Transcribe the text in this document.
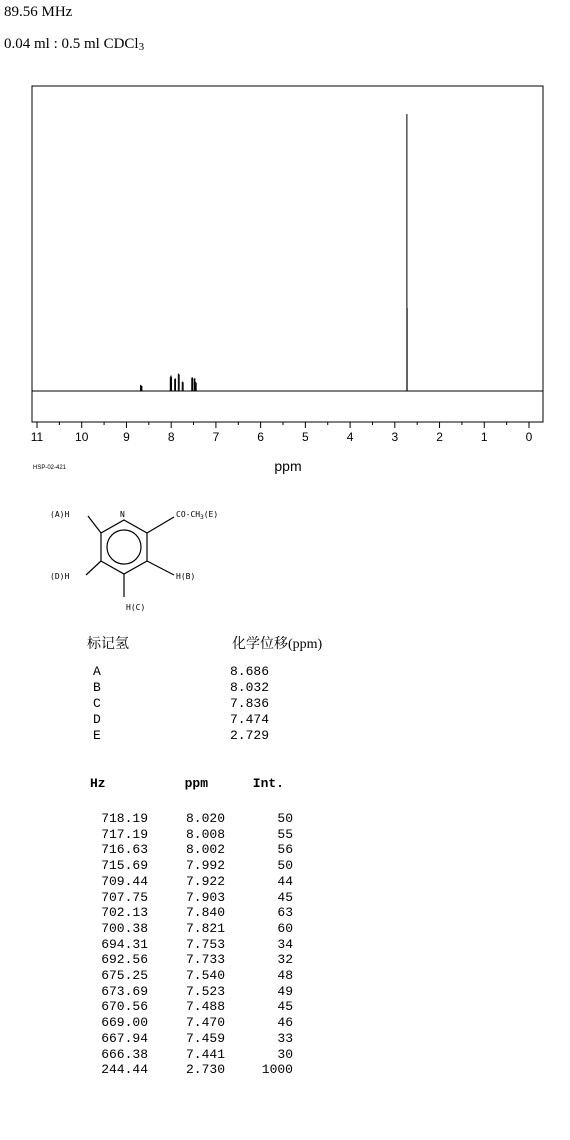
89.56 MHz
0.04 ml : 0.5 ml CDCl$_3$
11	10	9	8	7	6	5	4	3	2	1	0
ppm
HSP-02-421
(A)H	N	$CO-CH_3(E)$
(D)H	H(B)
H(C)
标记氢	化学位移(ppm)
A	8.686
B	8.032
C	7.836
D	7.474
E	2.729
Hz	ppm	Int.
718.19	8.020	50
717.19	8.008	55
716.63	8.002	56
715.69	7.992	50
709.44	7.922	44
707.75	7.903	45
702.13	7.840	63
700.38	7.821	60
694.31	7.753	34
692.56	7.733	32
675.25	7.540	48
673.69	7.523	49
670.56	7.488	45
669.00	7.470	46
667.94	7.459	33
666.38	7.441	30
244.44	2.730	1000
